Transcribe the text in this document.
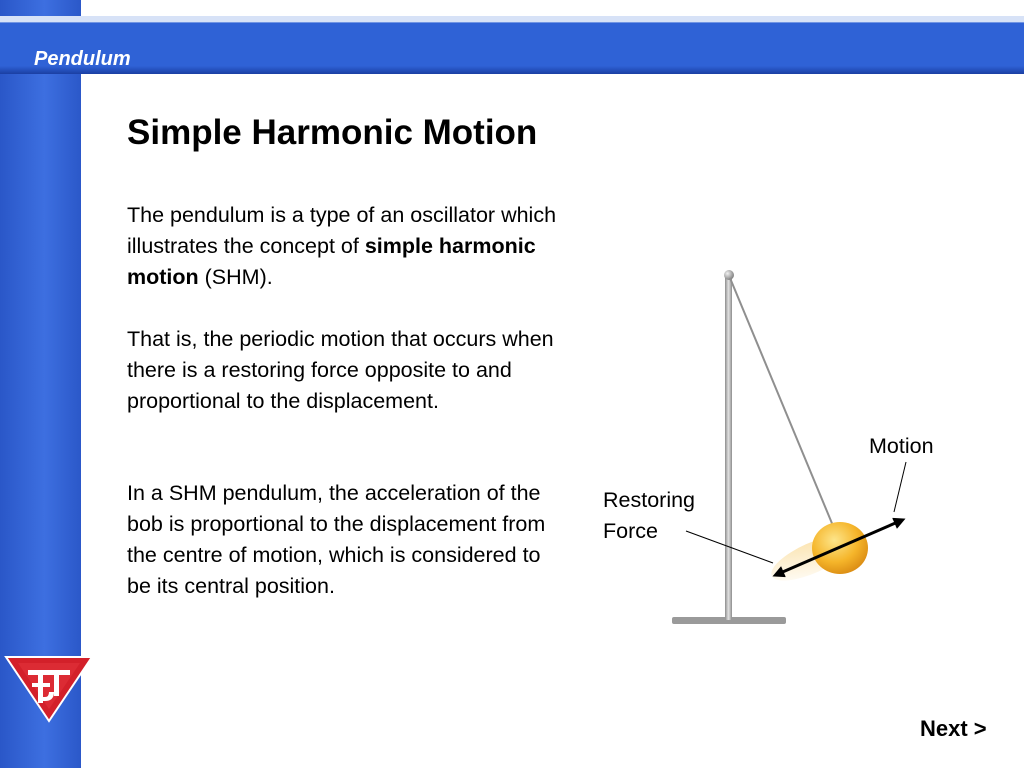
Pendulum
Simple Harmonic Motion

The pendulum is a type of an oscillator which illustrates the concept of simple harmonic motion (SHM).

That is, the periodic motion that occurs when there is a restoring force opposite to and proportional to the displacement.

In a SHM pendulum, the acceleration of the bob is proportional to the displacement from the centre of motion, which is considered to be its central position.

Motion
Restoring
Force
Next >
